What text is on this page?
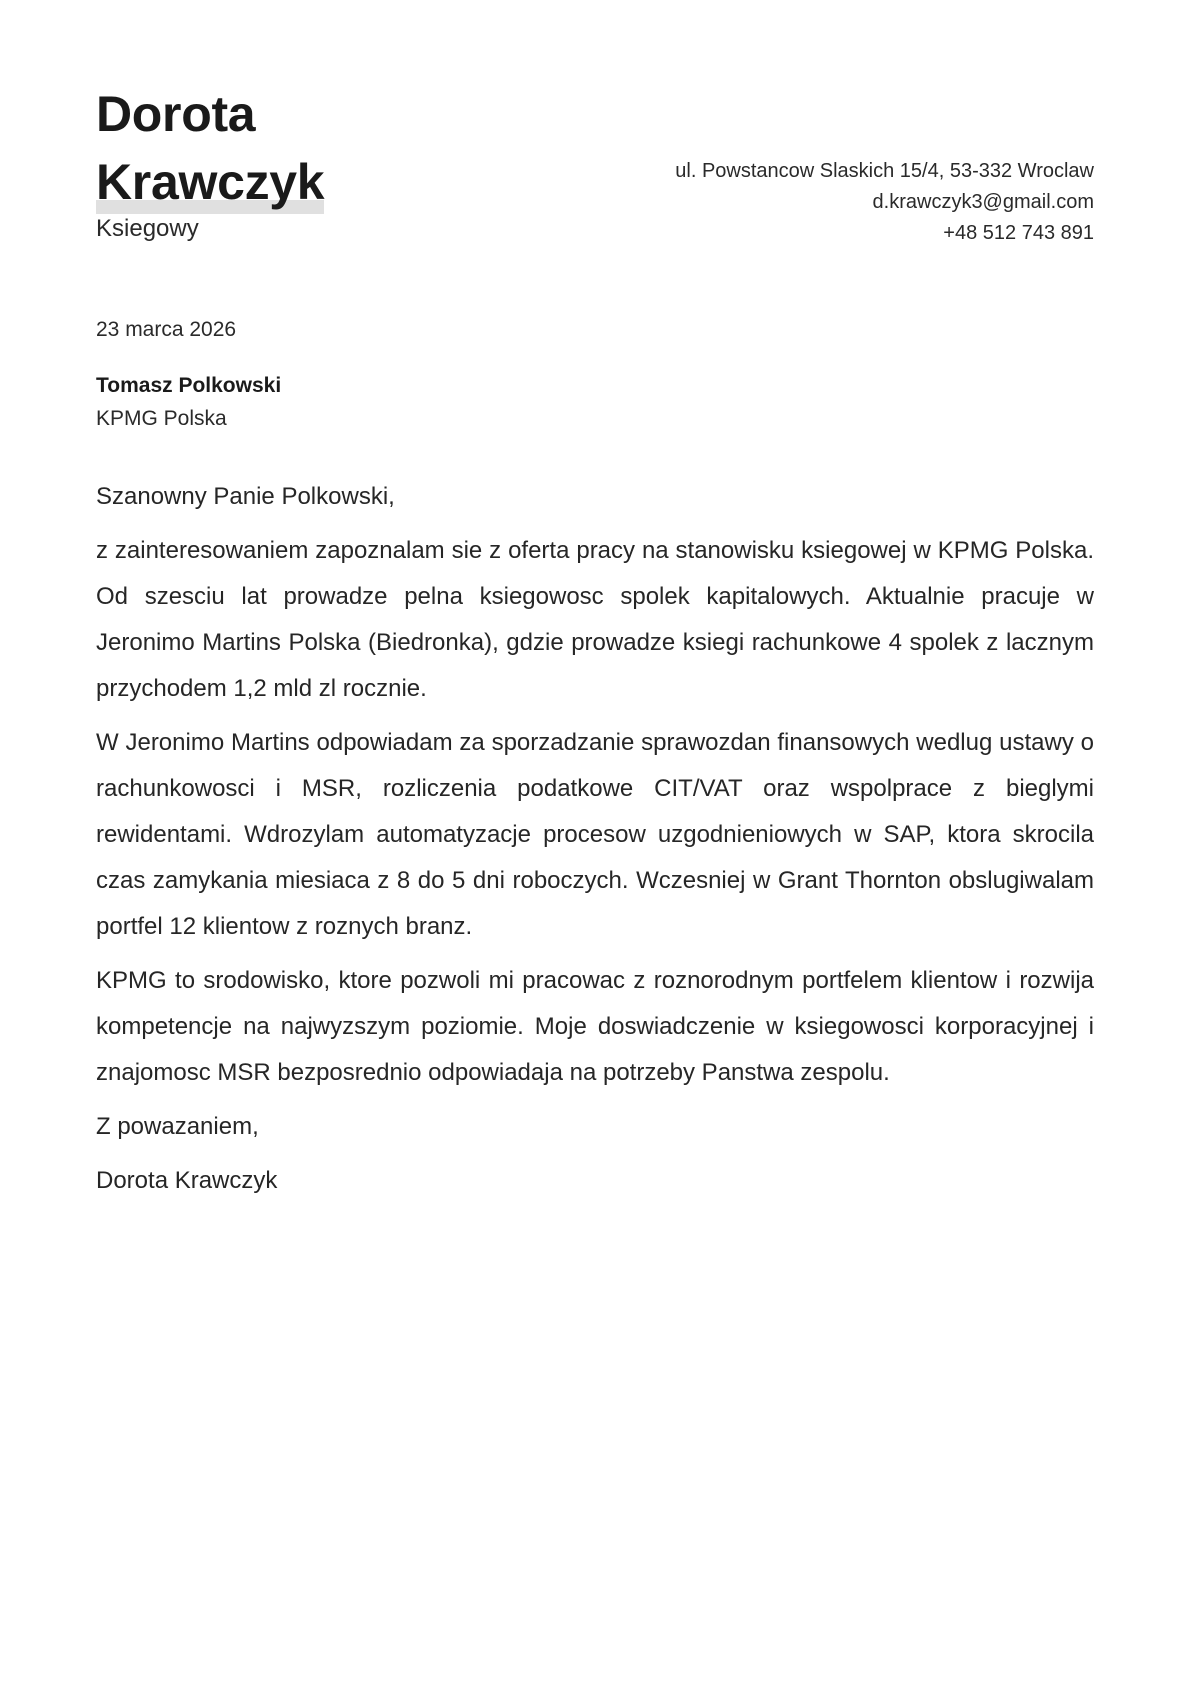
Dorota
Krawczyk
Ksiegowy
ul. Powstancow Slaskich 15/4, 53-332 Wroclaw
d.krawczyk3@gmail.com
+48 512 743 891
23 marca 2026
Tomasz Polkowski
KPMG Polska

Szanowny Panie Polkowski,

z zainteresowaniem zapoznalam sie z oferta pracy na stanowisku ksiegowej w KPMG Polska. Od szesciu lat prowadze pelna ksiegowosc spolek kapitalowych. Aktualnie pracuje w Jeronimo Martins Polska (Biedronka), gdzie prowadze ksiegi rachunkowe 4 spolek z lacznym przychodem 1,2 mld zl rocznie.

W Jeronimo Martins odpowiadam za sporzadzanie sprawozdan finansowych wedlug ustawy o rachunkowosci i MSR, rozliczenia podatkowe CIT/VAT oraz wspolprace z bieglymi rewidentami. Wdrozylam automatyzacje procesow uzgodnieniowych w SAP, ktora skrocila czas zamykania miesiaca z 8 do 5 dni roboczych. Wczesniej w Grant Thornton obslugiwalam portfel 12 klientow z roznych branz.

KPMG to srodowisko, ktore pozwoli mi pracowac z roznorodnym portfelem klientow i rozwija kompetencje na najwyzszym poziomie. Moje doswiadczenie w ksiegowosci korporacyjnej i znajomosc MSR bezposrednio odpowiadaja na potrzeby Panstwa zespolu.

Z powazaniem,

Dorota Krawczyk
